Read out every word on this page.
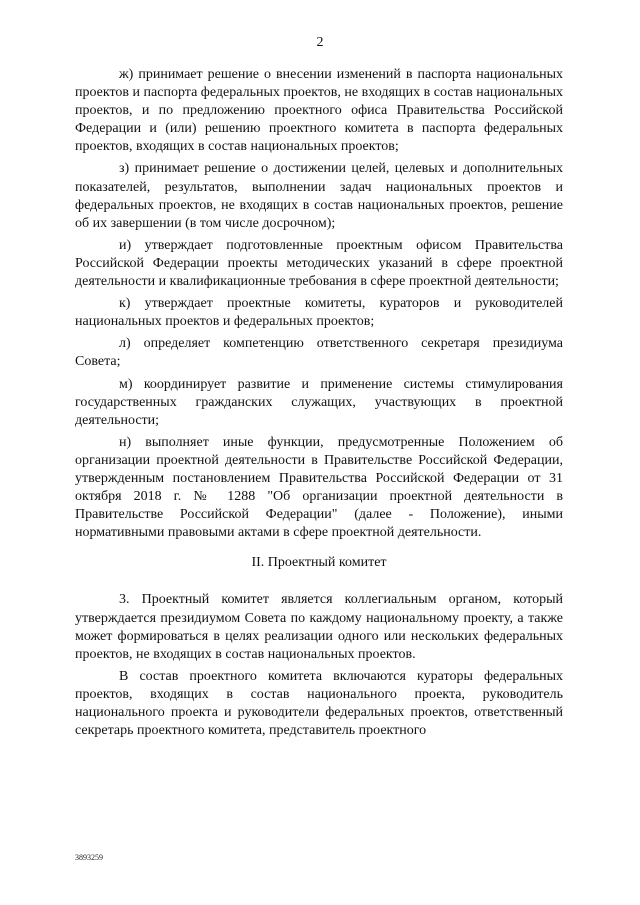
2

ж) принимает решение о внесении изменений в паспорта национальных проектов и паспорта федеральных проектов, не входящих в состав национальных проектов, и по предложению проектного офиса Правительства Российской Федерации и (или) решению проектного комитета в паспорта федеральных проектов, входящих в состав национальных проектов;

з) принимает решение о достижении целей, целевых и дополнительных показателей, результатов, выполнении задач национальных проектов и федеральных проектов, не входящих в состав национальных проектов, решение об их завершении (в том числе досрочном);

и) утверждает подготовленные проектным офисом Правительства Российской Федерации проекты методических указаний в сфере проектной деятельности и квалификационные требования в сфере проектной деятельности;

к) утверждает проектные комитеты, кураторов и руководителей национальных проектов и федеральных проектов;

л) определяет компетенцию ответственного секретаря президиума Совета;

м) координирует развитие и применение системы стимулирования государственных гражданских служащих, участвующих в проектной деятельности;

н) выполняет иные функции, предусмотренные Положением об организации проектной деятельности в Правительстве Российской Федерации, утвержденным постановлением Правительства Российской Федерации от 31 октября 2018 г. № 1288 "Об организации проектной деятельности в Правительстве Российской Федерации" (далее - Положение), иными нормативными правовыми актами в сфере проектной деятельности.

II. Проектный комитет

3. Проектный комитет является коллегиальным органом, который утверждается президиумом Совета по каждому национальному проекту, а также может формироваться в целях реализации одного или нескольких федеральных проектов, не входящих в состав национальных проектов.

В состав проектного комитета включаются кураторы федеральных проектов, входящих в состав национального проекта, руководитель национального проекта и руководители федеральных проектов, ответственный секретарь проектного комитета, представитель проектного

3893259
